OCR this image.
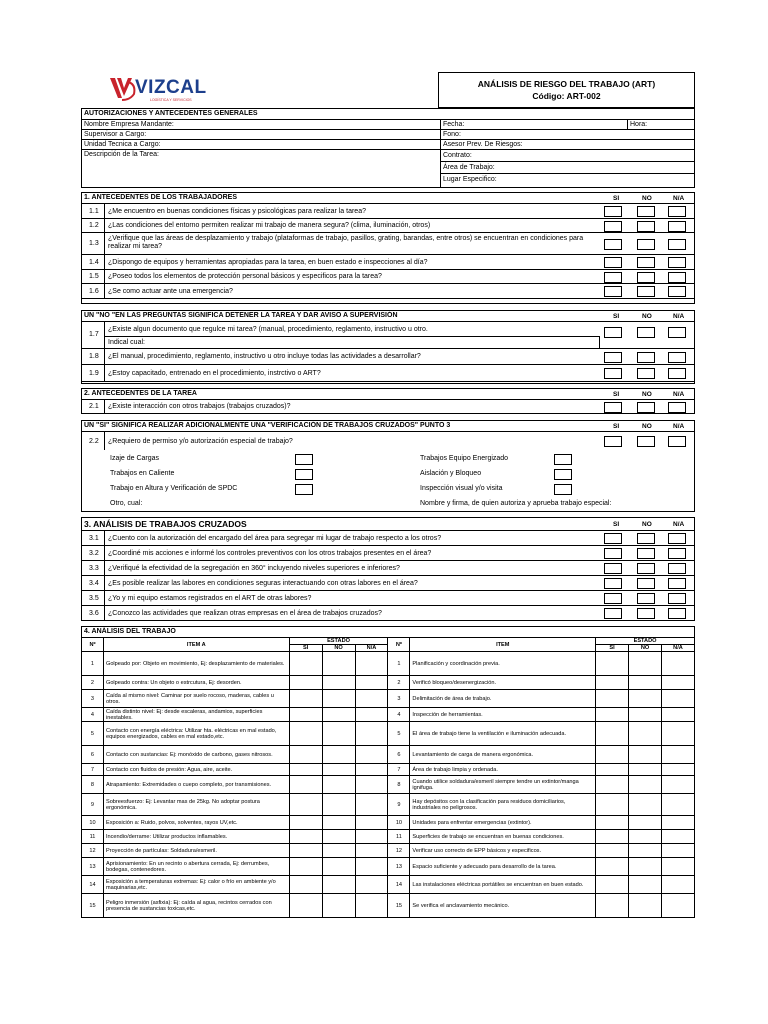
VIZCAL
LOGÍSTICA Y SERVICIOS
ANÁLISIS DE RIESGO DEL TRABAJO (ART)
Código: ART-002
AUTORIZACIONES Y ANTECEDENTES GENERALES
Nombre Empresa Mandante:
Supervisor a Cargo:
Unidad Tecnica a Cargo:
Descripción de la Tarea:
Fecha:	Hora:
Fono:
Asesor Prev. De Riesgos:
Contrato:
Área de Trabajo:
Lugar Especifico:
1. ANTECEDENTES DE LOS TRABAJADORES	SI	NO	N/A
1.1 ¿Me encuentro en buenas condiciones físicas y psicológicas para realizar la tarea?
1.2 ¿Las condiciones del entorno permiten realizar mi trabajo de manera segura? (clima, iluminación, otros)
1.3
¿Verifique que las áreas de desplazamiento y trabajo (plataformas de trabajo, pasillos, grating, barandas, entre otros) se encuentran en condiciones para realizar mi tarea?
1.4 ¿Dispongo de equipos y herramientas apropiadas para la tarea, en buen estado e inspecciones al día?
1.5 ¿Poseo todos los elementos de protección personal básicos y especificos para la tarea?
1.6 ¿Se como actuar ante una emergencia?
UN "NO "EN LAS PREGUNTAS SIGNIFICA DETENER LA TAREA Y DAR AVISO A SUPERVISIÓN	SI	NO	N/A
1.7
¿Existe algun documento que regulce mi tarea? (manual, procedimiento, reglamento, instructivo u otro.
Indical cual:
1.8 ¿El manual, procedimiento, reglamento, instructivo u otro incluye todas las actividades a desarrollar?
1.9 ¿Estoy capacitado, entrenado en el procedimiento, instrctivo o ART?
2. ANTECEDENTES DE LA TAREA	SI	NO	N/A
2.1 ¿Existe interacción con otros trabajos (trabajos cruzados)?
UN "SI" SIGNIFICA REALIZAR ADICIONALMENTE UNA "VERIFICACIÓN DE TRABAJOS CRUZADOS" PUNTO 3	SI	NO	N/A
2.2 ¿Requiero de permiso y/o autorización especial de trabajo?
Izaje de Cargas
Trabajos en Caliente
Trabajo en Altura y Verificación de SPDC
Otro, cual:
Trabajos Equipo Energizado
Aislación y Bloqueo
Inspección visual y/o visita
Nombre y firma, de quien autoriza y aprueba trabajo especial:
3. ANÁLISIS DE TRABAJOS CRUZADOS	SI	NO	N/A
3.1 ¿Cuento con la autorización del encargado del área para segregar mi lugar de trabajo respecto a los otros?
3.2 ¿Coordiné mis acciones e informé los controles preventivos con los otros trabajos presentes en el área?
3.3 ¿Verifiqué la efectividad de la segregación en 360° incluyendo niveles superiores e inferiores?
3.4 ¿Es posible realizar las labores en condiciones seguras interactuando con otras labores en el área?
3.5 ¿Yo y mi equipo estamos registrados en el ART de otras labores?
3.6 ¿Conozco las actividades que realizan otras empresas en el área de trabajos cruzados?
4. ANÁLISIS DEL TRABAJO
Nº	ITEM A	ESTADO			Nº	ITEM	ESTADO		
		SI	NO	N/A			SI	NO	N/A
1	Golpeado por: Objeto en movimiento, Ej: desplazamiento de materiales.				1	Planificación y coordinación previa.			
2	Golpeado contra: Un objeto o estrcutura, Ej: desorden.				2	Verificó bloqueo/desenergización.			
3	Caída al mismo nivel: Caminar por suelo rocoso, maderas, cables u otros.				3	Delimitación de área de trabajo.			
4	Caída distinto nivel: Ej: desde escaleras, andamios, superficies inestables.				4	Inspección de herramientas.			
5	Contacto con energía eléctrica: Utilizar hta. eléctricas en mal estado, equipos energizados, cables en mal estado,etc.				5	El área de trabajo tiene la ventilación e iluminación adecuada.			
6	Contacto con sustancias: Ej: monóxido de carbono, gases nitrosos.				6	Levantamiento de carga de manera ergonómica.			
7	Contacto con fluidos de presión: Agua, aire, aceite.				7	Área de trabajo limpia y ordenada.			
8	Atrapamiento: Extremidades o cuepo completo, por transmisiones.				8	Cuando utilice soldadura/esmeril siempre tendre un extintor/manga ignifuga.			
9	Sobreesfuerzo: Ej: Levantar mas de 25kg. No adoptar postura ergonómica.				9	Hay depósitos con la clasificación para residuos domiciliarios, industriales no peligrosos.			
10	Exposición a: Ruido, polvos, solventes, rayos UV,etc.				10	Unidades para enfrentar emergencias (extintor).			
11	Incendio/derrame: Utilizar productos inflamables.				11	Superficies de trabajo se encuentran en buenas condiciones.			
12	Proyección de partículas: Soldadura/esmeril.				12	Verificar uso correcto de EPP básicos y especificos.			
13	Aprisionamiento: En un recinto o abertura cerrada, Ej: derrumbes, bodegas, contenedores.				13	Espacio suficiente y adecuado para desarrollo de la tarea.			
14	Exposición a temperaturas extremas: Ej: calor o frío en ambiente y/o maquinarias,etc.				14	Las instalaciones eléctricas portátiles se encuentran en buen estado.			
15	Peligro inmersión (asfixia): Ej: caída al agua, recintos cerrados con presencia de sustancias toxicas,etc.				15	Se verifica el anclavamiento mecánico.			
